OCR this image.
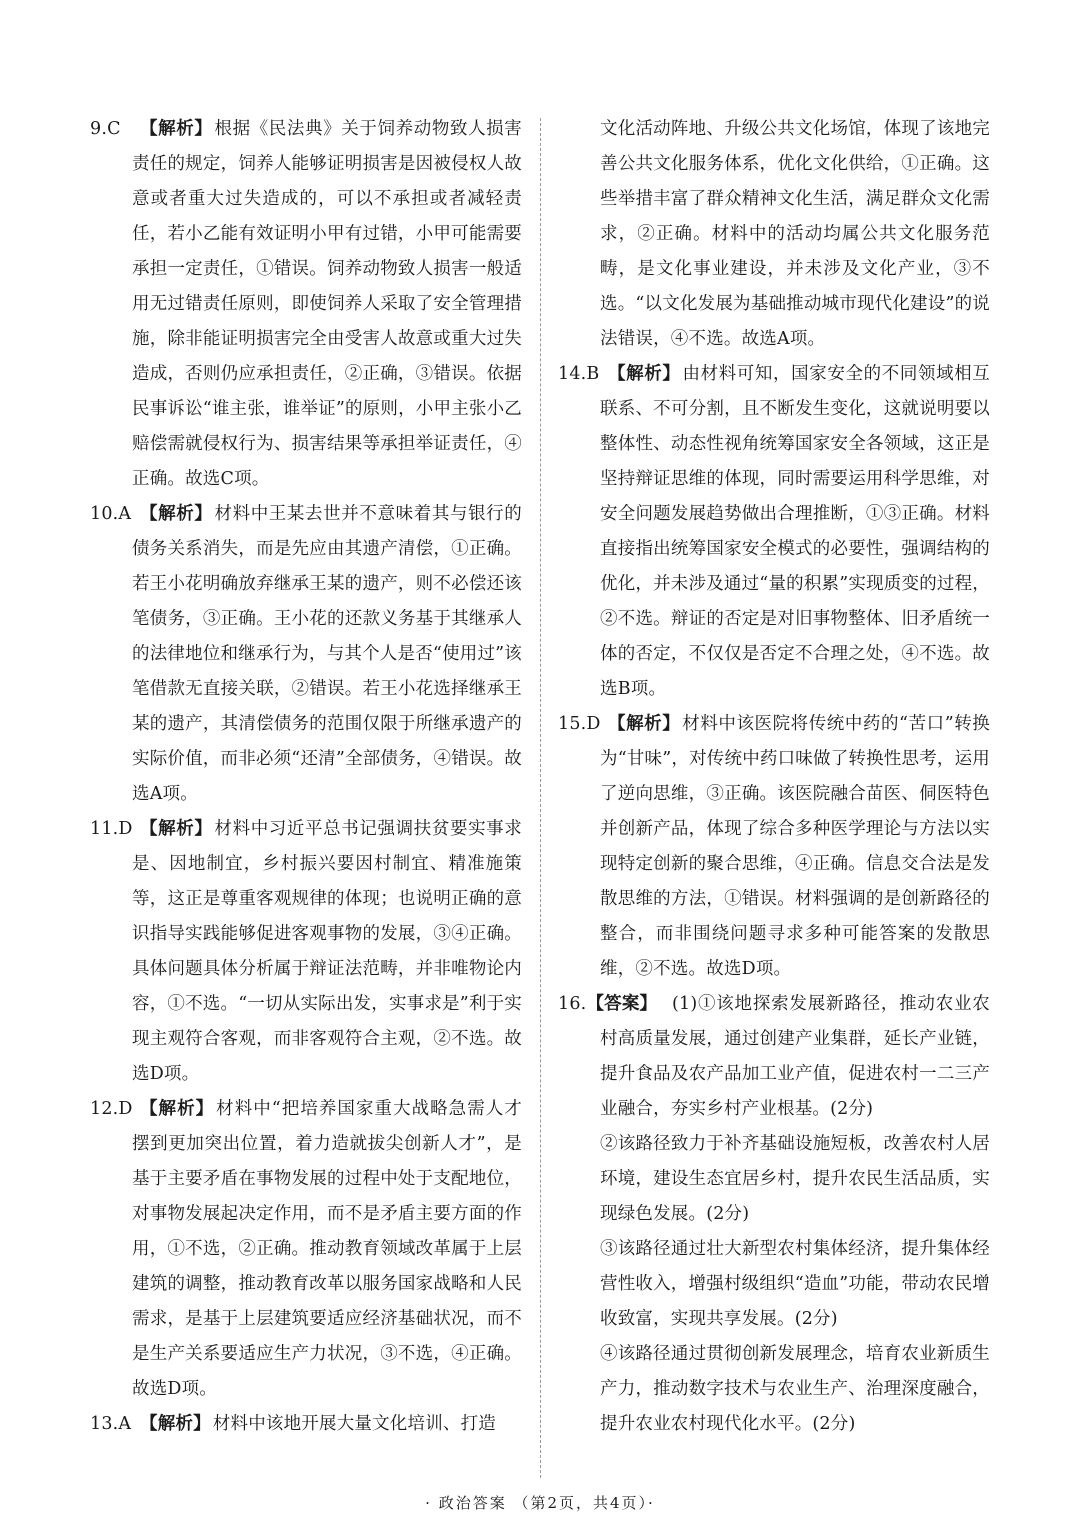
9.C 【解析】 根据《民法典》关于饲养动物致人损害责任的规定，饲养人能够证明损害是因被侵权人故意或者重大过失造成的，可以不承担或者减轻责任，若小乙能有效证明小甲有过错，小甲可能需要承担一定责任，①错误。饲养动物致人损害一般适用无过错责任原则，即使饲养人采取了安全管理措施，除非能证明损害完全由受害人故意或重大过失造成，否则仍应承担责任，②正确，③错误。依据民事诉讼“谁主张，谁举证”的原则，小甲主张小乙赔偿需就侵权行为、损害结果等承担举证责任，④正确。故选C项。

10.A 【解析】 材料中王某去世并不意味着其与银行的债务关系消失，而是先应由其遗产清偿，①正确。若王小花明确放弃继承王某的遗产，则不必偿还该笔债务，③正确。王小花的还款义务基于其继承人的法律地位和继承行为，与其个人是否“使用过”该笔借款无直接关联，②错误。若王小花选择继承王某的遗产，其清偿债务的范围仅限于所继承遗产的实际价值，而非必须“还清”全部债务，④错误。故选A项。

11.D 【解析】 材料中习近平总书记强调扶贫要实事求是、因地制宜，乡村振兴要因村制宜、精准施策等，这正是尊重客观规律的体现；也说明正确的意识指导实践能够促进客观事物的发展，③④正确。具体问题具体分析属于辩证法范畴，并非唯物论内容，①不选。“一切从实际出发，实事求是”利于实现主观符合客观，而非客观符合主观，②不选。故选D项。

12.D 【解析】 材料中“把培养国家重大战略急需人才摆到更加突出位置，着力造就拔尖创新人才”，是基于主要矛盾在事物发展的过程中处于支配地位，对事物发展起决定作用，而不是矛盾主要方面的作用，①不选，②正确。推动教育领域改革属于上层建筑的调整，推动教育改革以服务国家战略和人民需求，是基于上层建筑要适应经济基础状况，而不是生产关系要适应生产力状况，③不选，④正确。故选D项。

13.A 【解析】 材料中该地开展大量文化培训、打造

文化活动阵地、升级公共文化场馆，体现了该地完善公共文化服务体系，优化文化供给，①正确。这些举措丰富了群众精神文化生活，满足群众文化需求，②正确。材料中的活动均属公共文化服务范畴，是文化事业建设，并未涉及文化产业，③不选。“以文化发展为基础推动城市现代化建设”的说法错误，④不选。故选A项。

14.B 【解析】 由材料可知，国家安全的不同领域相互联系、不可分割，且不断发生变化，这就说明要以整体性、动态性视角统筹国家安全各领域，这正是坚持辩证思维的体现，同时需要运用科学思维，对安全问题发展趋势做出合理推断，①③正确。材料直接指出统筹国家安全模式的必要性，强调结构的优化，并未涉及通过“量的积累”实现质变的过程，②不选。辩证的否定是对旧事物整体、旧矛盾统一体的否定，不仅仅是否定不合理之处，④不选。故选B项。

15.D 【解析】 材料中该医院将传统中药的“苦口”转换为“甘味”，对传统中药口味做了转换性思考，运用了逆向思维，③正确。该医院融合苗医、侗医特色并创新产品，体现了综合多种医学理论与方法以实现特定创新的聚合思维，④正确。信息交合法是发散思维的方法，①错误。材料强调的是创新路径的整合，而非围绕问题寻求多种可能答案的发散思维，②不选。故选D项。

16.【答案】 (1)①该地探索发展新路径，推动农业农村高质量发展，通过创建产业集群，延长产业链，提升食品及农产品加工业产值，促进农村一二三产业融合，夯实乡村产业根基。(2分)

②该路径致力于补齐基础设施短板，改善农村人居环境，建设生态宜居乡村，提升农民生活品质，实现绿色发展。(2分)

③该路径通过壮大新型农村集体经济，提升集体经营性收入，增强村级组织“造血”功能，带动农民增收致富，实现共享发展。(2分)

④该路径通过贯彻创新发展理念，培育农业新质生产力，推动数字技术与农业生产、治理深度融合，提升农业农村现代化水平。(2分)

· 政治答案 （第2页，共4页）·
